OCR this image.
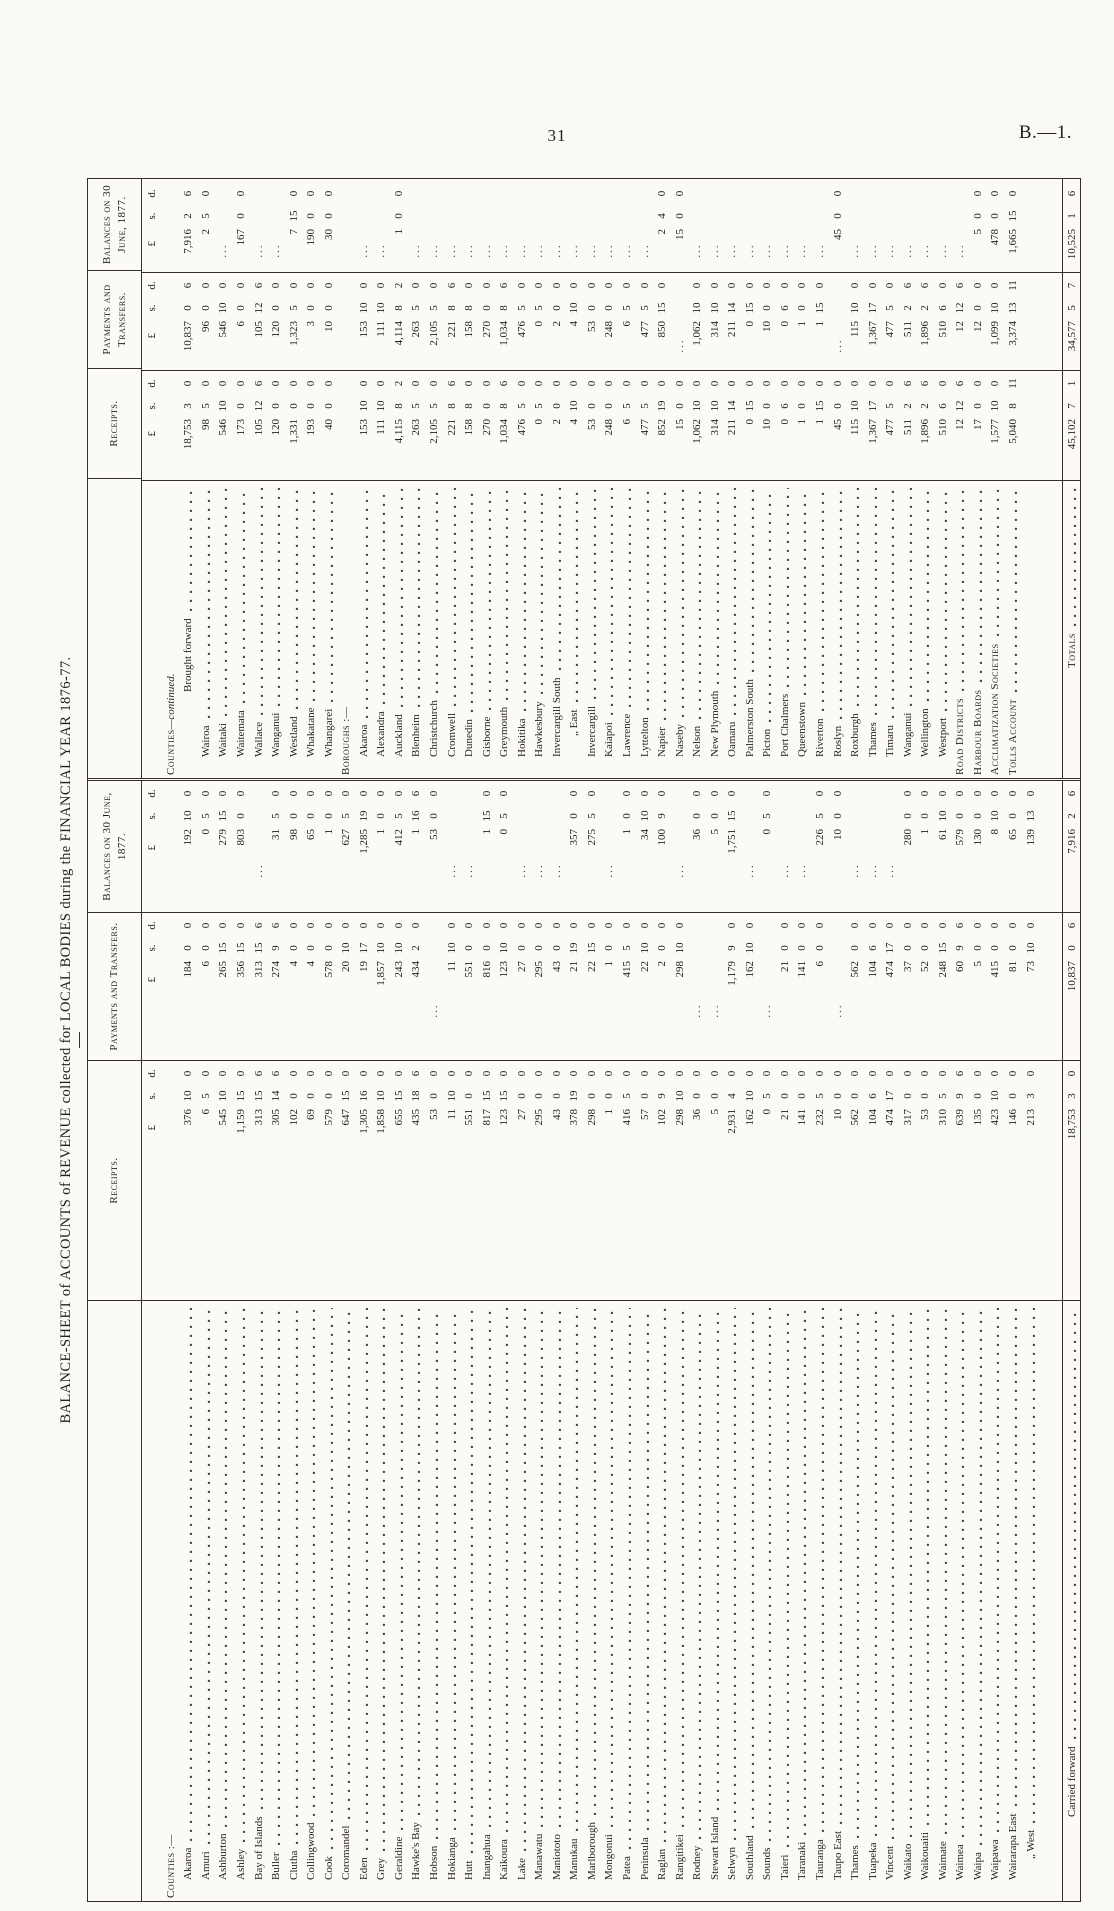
31	B.—1.
BALANCE-SHEET of ACCOUNTS of REVENUE collected for LOCAL BODIES during the FINANCIAL YEAR 1876-77.	Receipts.
Payments and Transfers.
Balances on 30 June, 1877.
£
s.
d.
£
s.
d.
£
s.
d.
Counties :— Akaroa
376
10
0
184
0
0
192
10
0
Amuri
6
5
0
6
0
0
0
5
0
Ashburton
545
10
0
265
15
0
279
15
0
Ashley
1,159
15
0
356
15
0
803
0
0
Bay of Islands
313
15
6
313
15
6
...
Buller
305
14
6
274
9
6
31
5
0
Clutha
102
0
0
4
0
0
98
0
0
Collingwood
69
0
0
4
0
0
65
0
0
Cook
579
0
0
578
0
0
1
0
0
Coromandel
647
15
0
20
10
0
627
5
0
Eden
1,305
16
0
19
17
0
1,285
19
0
Grey
1,858
10
0
1,857
10
0
1
0
0
Geraldine
655
15
0
243
10
0
412
5
0
Hawke's Bay
435
18
6
434
2
0
1
16
6
Hobson
53
0
0
...
53
0
0
Hokianga
11
10
0
11
10
0
...
Hutt
551
0
0
551
0
0
...
Inangahua
817
15
0
816
0
0
1
15
0
Kaikoura
123
15
0
123
10
0
0
5
0
Lake
27
0
0
27
0
0
...
Manawatu
295
0
0
295
0
0
...
Maniototo
43
0
0
43
0
0
...
Manukau
378
19
0
21
19
0
357
0
0
Marlborough
298
0
0
22
15
0
275
5
0
Mongonui
1
0
0
1
0
0
...
Patea
416
5
0
415
5
0
1
0
0
Peninsula
57
0
0
22
10
0
34
10
0
Raglan
102
9
0
2
0
0
100
9
0
Rangitikei
298
10
0
298
10
0
...
Rodney
36
0
0
...
36
0
0
Stewart Island
5
0
0
...
5
0
0
Selwyn
2,931
4
0
1,179
9
0
1,751
15
0
Southland
162
10
0
162
10
0
...
Sounds
0
5
0
...
0
5
0
Taieri
21
0
0
21
0
0
...
Taranaki
141
0
0
141
0
0
...
Tauranga
232
5
0
6
0
0
226
5
0
Taupo East
10
0
0
...
10
0
0
Thames
562
0
0
562
0
0
...
Tuapeka
104
6
0
104
6
0
...
Vincent
474
17
0
474
17
0
...
Waikato
317
0
0
37
0
0
280
0
0
Waikouaiti
53
0
0
52
0
0
1
0
0
Waimate
310
5
0
248
15
0
61
10
0
Waimea
639
9
6
60
9
6
579
0
0
Waipa
135
0
0
5
0
0
130
0
0
Waipawa
423
10
0
415
0
0
8
10
0
Wairarapa East
146
0
0
81
0
0
65
0
0
„ West
213
3
0
73
10
0
139
13
0
Carried forward
18,753
3
0
10,837
0
6
7,916
2
6
Receipts.
Payments and Transfers.
Balances on 30 June, 1877.
£
s.
d.
£
s.
d.
£
s.
d.
Counties—continued.
Brought forward
18,753
3
0
10,837
0
6
7,916
2
6
Wairoa
98
5
0
96
0
0
2
5
0
Waitaki
546
10
0
546
10
0
...
Waitemata
173
0
0
6
0
0
167
0
0
Wallace
105
12
6
105
12
6
...
Wanganui
120
0
0
120
0
0
...
Westland
1,331
0
0
1,323
5
0
7
15
0
Whakatane
193
0
0
3
0
0
190
0
0
Whangarei
40
0
0
10
0
0
30
0
0
Boroughs :— Akaroa
153
10
0
153
10
0
...
Alexandra
111
10
0
111
10
0
...
Auckland
4,115
8
2
4,114
8
2
1
0
0
Blenheim
263
5
0
263
5
0
...
Christchurch
2,105
5
0
2,105
5
0
...
Cromwell
221
8
6
221
8
6
...
Dunedin
158
8
0
158
8
0
...
Gisborne
270
0
0
270
0
0
...
Greymouth
1,034
8
6
1,034
8
6
...
Hokitika
476
5
0
476
5
0
...
Hawkesbury
0
5
0
0
5
0
...
Invercargill South
2
0
0
2
0
0
...
„ East
4
10
0
4
10
0
...
Invercargill
53
0
0
53
0
0
...
Kaiapoi
248
0
0
248
0
0
...
Lawrence
6
5
0
6
5
0
...
Lyttelton
477
5
0
477
5
0
...
Napier
852
19
0
850
15
0
2
4
0
Naseby
15
0
0
...
15
0
0
Nelson
1,062
10
0
1,062
10
0
...
New Plymouth
314
10
0
314
10
0
...
Oamaru
211
14
0
211
14
0
...
Palmerston South
0
15
0
0
15
0
...
Picton
10
0
0
10
0
0
...
Port Chalmers
0
6
0
0
6
0
...
Queenstown
1
0
0
1
0
0
...
Riverton
1
15
0
1
15
0
...
Roslyn
45
0
0
...
45
0
0
Roxburgh
115
10
0
115
10
0
...
Thames
1,367
17
0
1,367
17
0
...
Timaru
477
5
0
477
5
0
...
Wanganui
511
2
6
511
2
6
...
Wellington
1,896
2
6
1,896
2
6
...
Westport
510
6
0
510
6
0
...
Road Districts
12
12
6
12
12
6
...
Harbour Boards
17
0
0
12
0
0
5
0
0
Acclimatization Societies
1,577
10
0
1,099
10
0
478
0
0
Tolls Account
5,040
8
11
3,374
13
11
1,665
15
0
Totals
45,102
7
1
34,577
5
7
10,525
1
6
